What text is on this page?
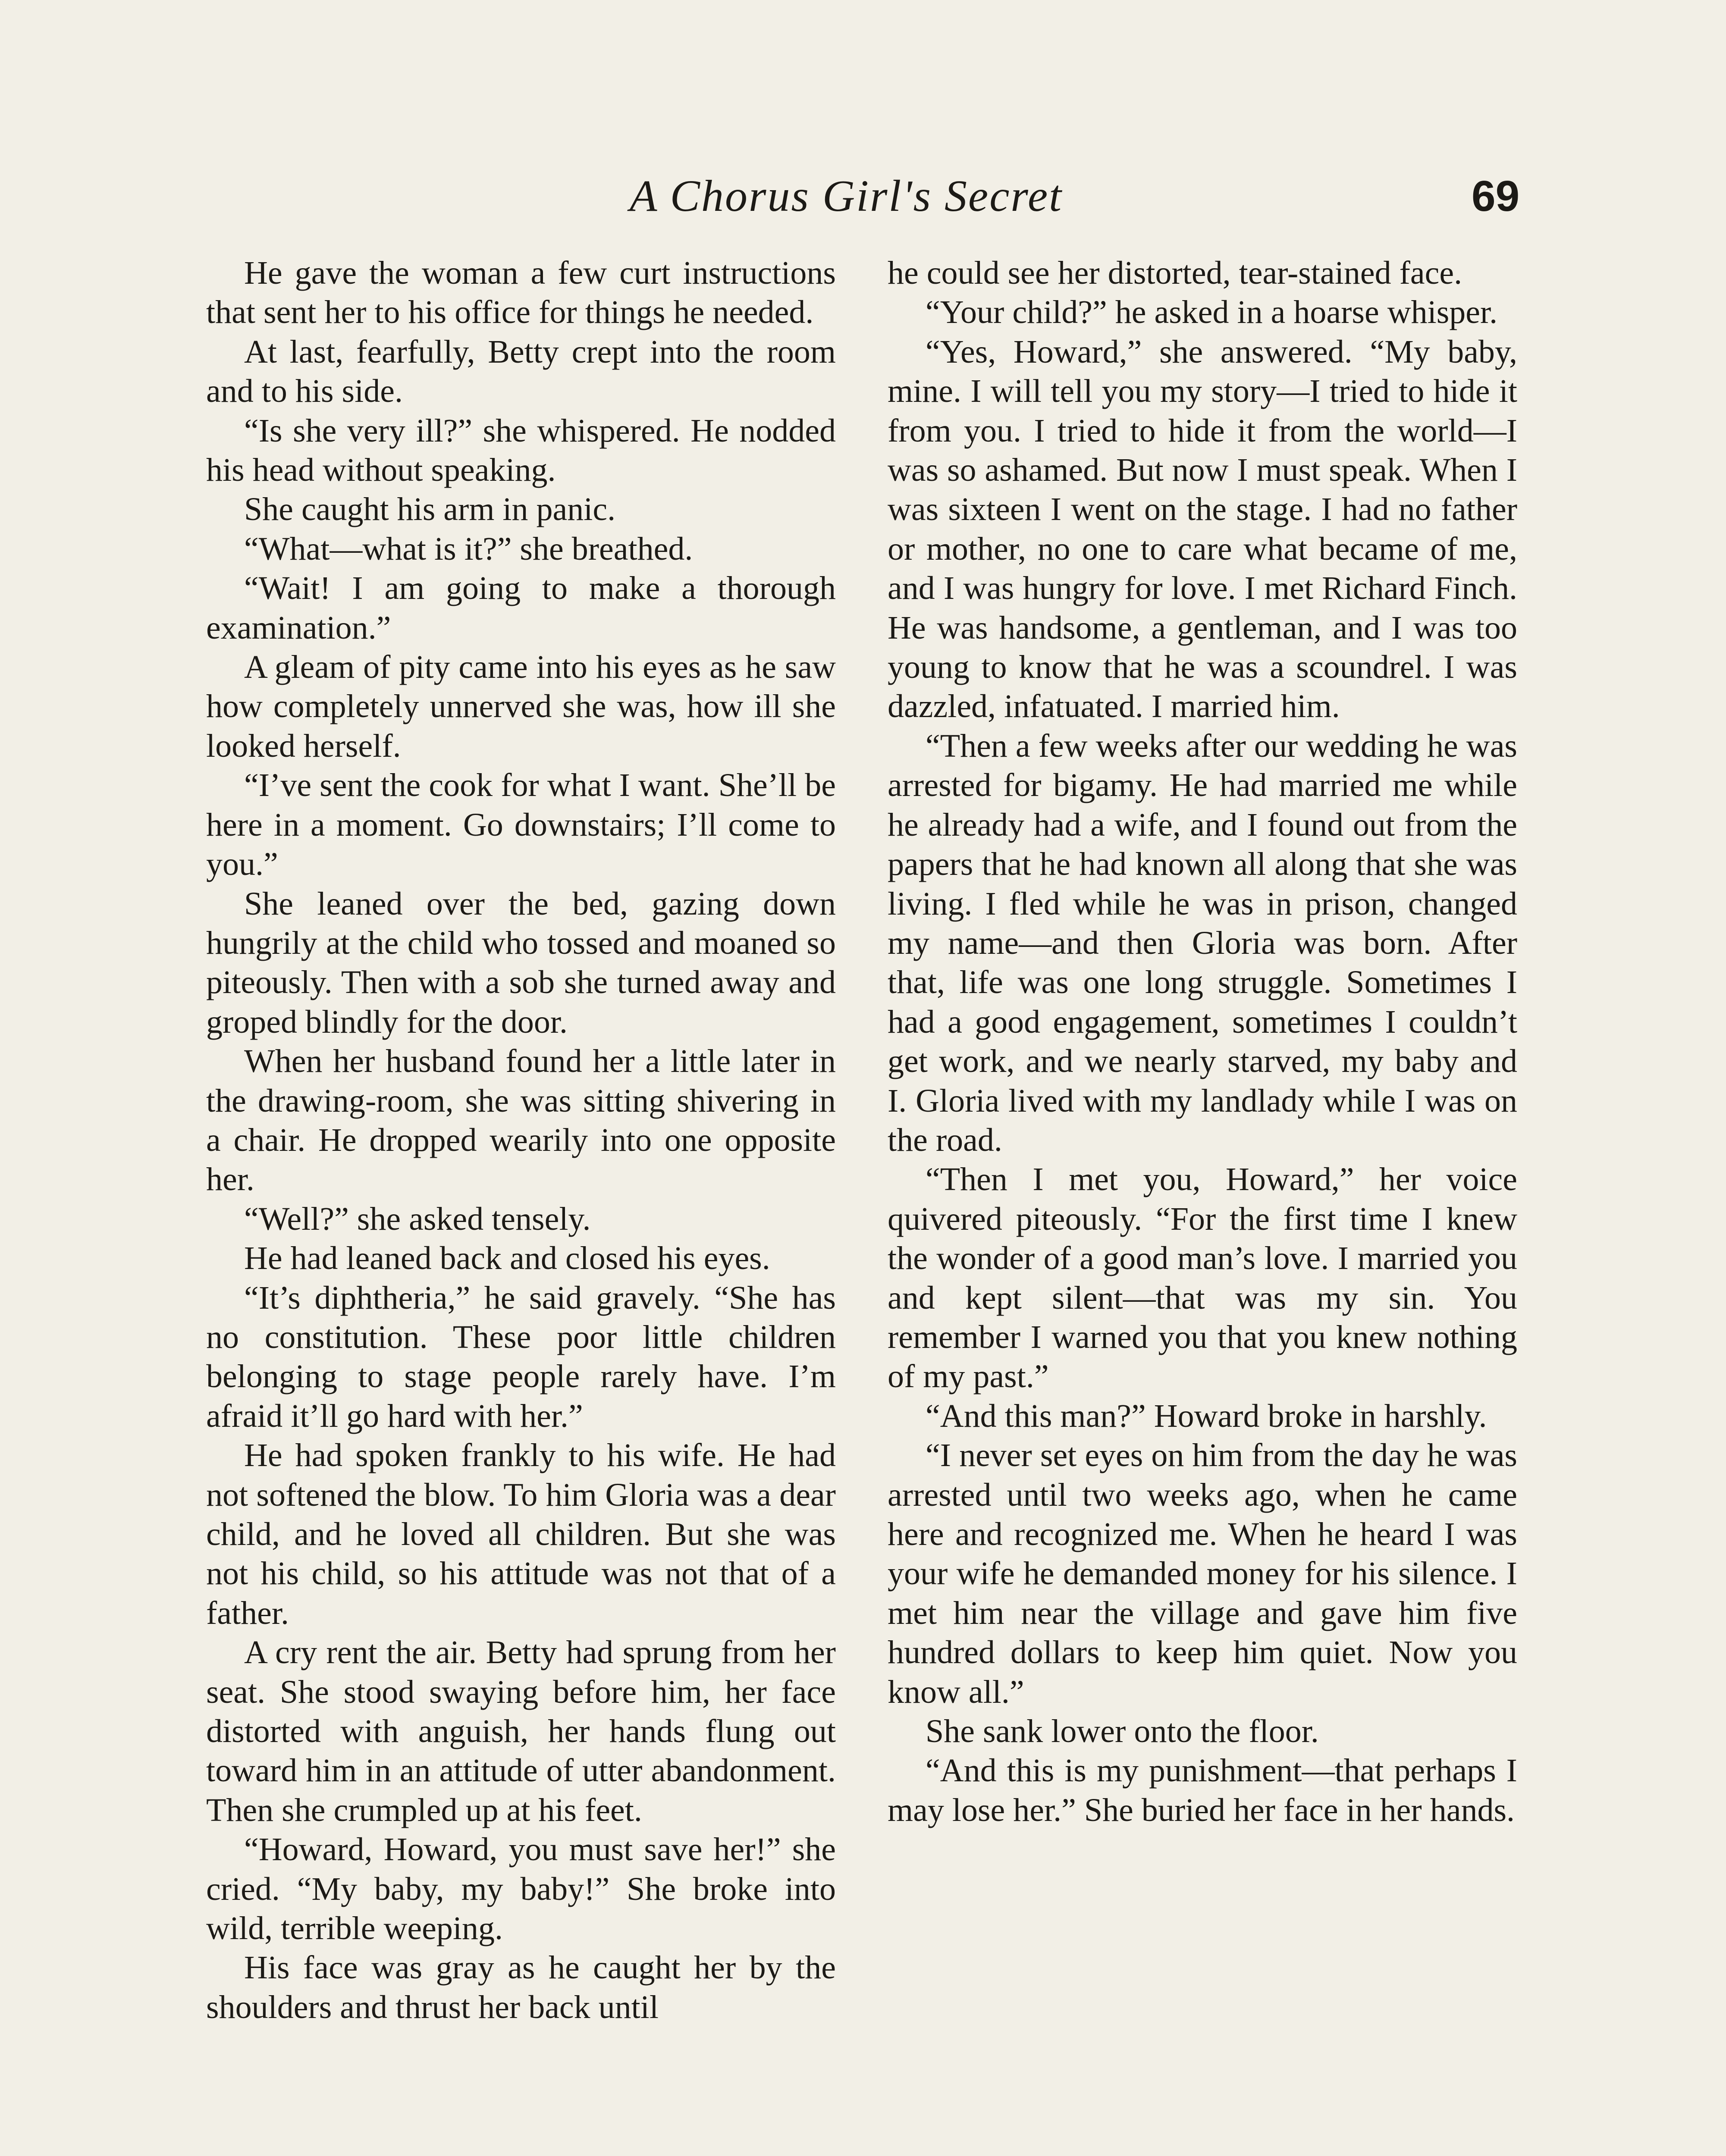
A Chorus Girl's Secret	69

He gave the woman a few curt instructions that sent her to his office for things he needed.

At last, fearfully, Betty crept into the room and to his side.

“Is she very ill?” she whispered. He nodded his head without speaking.

She caught his arm in panic.

“What—what is it?” she breathed.

“Wait! I am going to make a thorough examination.”

A gleam of pity came into his eyes as he saw how completely unnerved she was, how ill she looked herself.

“I’ve sent the cook for what I want. She’ll be here in a moment. Go downstairs; I’ll come to you.”

She leaned over the bed, gazing down hungrily at the child who tossed and moaned so piteously. Then with a sob she turned away and groped blindly for the door.

When her husband found her a little later in the drawing-room, she was sitting shivering in a chair. He dropped wearily into one opposite her.

“Well?” she asked tensely.

He had leaned back and closed his eyes.

“It’s diphtheria,” he said gravely. “She has no constitution. These poor little children belonging to stage people rarely have. I’m afraid it’ll go hard with her.”

He had spoken frankly to his wife. He had not softened the blow. To him Gloria was a dear child, and he loved all children. But she was not his child, so his attitude was not that of a father.

A cry rent the air. Betty had sprung from her seat. She stood swaying before him, her face distorted with anguish, her hands flung out toward him in an attitude of utter abandonment. Then she crumpled up at his feet.

“Howard, Howard, you must save her!” she cried. “My baby, my baby!” She broke into wild, terrible weeping.

His face was gray as he caught her by the shoulders and thrust her back until

he could see her distorted, tear-stained face.

“Your child?” he asked in a hoarse whisper.

“Yes, Howard,” she answered. “My baby, mine. I will tell you my story—I tried to hide it from you. I tried to hide it from the world—I was so ashamed. But now I must speak. When I was sixteen I went on the stage. I had no father or mother, no one to care what became of me, and I was hungry for love. I met Richard Finch. He was handsome, a gentleman, and I was too young to know that he was a scoundrel. I was dazzled, infatuated. I married him.

“Then a few weeks after our wedding he was arrested for bigamy. He had married me while he already had a wife, and I found out from the papers that he had known all along that she was living. I fled while he was in prison, changed my name—and then Gloria was born. After that, life was one long struggle. Sometimes I had a good engagement, sometimes I couldn’t get work, and we nearly starved, my baby and I. Gloria lived with my landlady while I was on the road.

“Then I met you, Howard,” her voice quivered piteously. “For the first time I knew the wonder of a good man’s love. I married you and kept silent—that was my sin. You remember I warned you that you knew nothing of my past.”

“And this man?” Howard broke in harshly.

“I never set eyes on him from the day he was arrested until two weeks ago, when he came here and recognized me. When he heard I was your wife he demanded money for his silence. I met him near the village and gave him five hundred dollars to keep him quiet. Now you know all.”

She sank lower onto the floor.

“And this is my punishment—that perhaps I may lose her.” She buried her face in her hands.
